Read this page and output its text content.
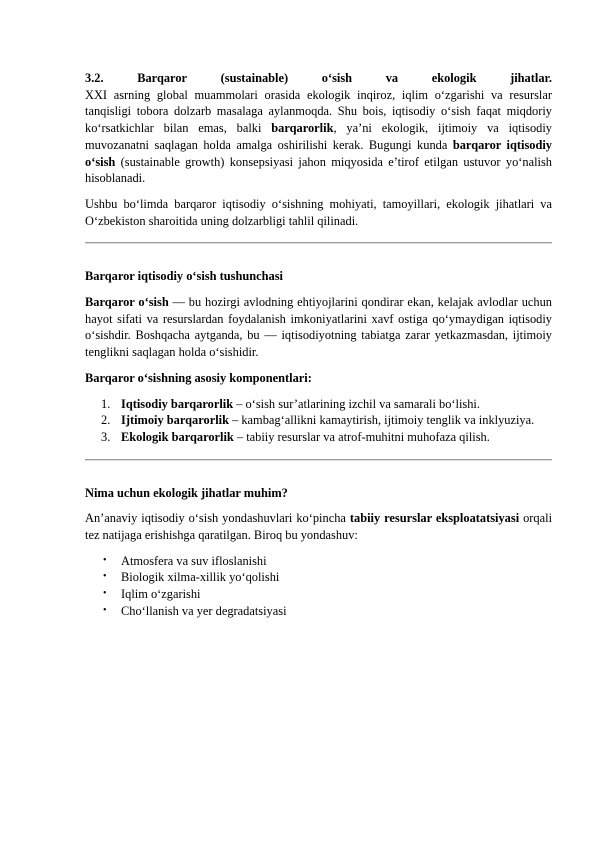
3.2.	Barqaror	(sustainable)	o‘sish	va	ekologik	jihatlar.
XXI asrning global muammolari orasida ekologik inqiroz, iqlim o‘zgarishi va resurslar tanqisligi tobora dolzarb masalaga aylanmoqda. Shu bois, iqtisodiy o‘sish faqat miqdoriy ko‘rsatkichlar bilan emas, balki barqarorlik, ya’ni ekologik, ijtimoiy va iqtisodiy muvozanatni saqlagan holda amalga oshirilishi kerak. Bugungi kunda barqaror iqtisodiy o‘sish (sustainable growth) konsepsiyasi jahon miqyosida e’tirof etilgan ustuvor yo‘nalish hisoblanadi.

Ushbu bo‘limda barqaror iqtisodiy o‘sishning mohiyati, tamoyillari, ekologik jihatlari va O‘zbekiston sharoitida uning dolzarbligi tahlil qilinadi.

Barqaror iqtisodiy o‘sish tushunchasi

Barqaror o‘sish — bu hozirgi avlodning ehtiyojlarini qondirar ekan, kelajak avlodlar uchun hayot sifati va resurslardan foydalanish imkoniyatlarini xavf ostiga qo‘ymaydigan iqtisodiy o‘sishdir. Boshqacha aytganda, bu — iqtisodiyotning tabiatga zarar yetkazmasdan, ijtimoiy tenglikni saqlagan holda o‘sishidir.

Barqaror o‘sishning asosiy komponentlari:

1. Iqtisodiy barqarorlik – o‘sish sur’atlarining izchil va samarali bo‘lishi.
2. Ijtimoiy barqarorlik – kambag‘allikni kamaytirish, ijtimoiy tenglik va inklyuziya.
3. Ekologik barqarorlik – tabiiy resurslar va atrof-muhitni muhofaza qilish.

Nima uchun ekologik jihatlar muhim?

An’anaviy iqtisodiy o‘sish yondashuvlari ko‘pincha tabiiy resurslar eksploatatsiyasi orqali tez natijaga erishishga qaratilgan. Biroq bu yondashuv:

• Atmosfera va suv ifloslanishi
• Biologik xilma-xillik yo‘qolishi
• Iqlim o‘zgarishi
• Cho‘llanish va yer degradatsiyasi
